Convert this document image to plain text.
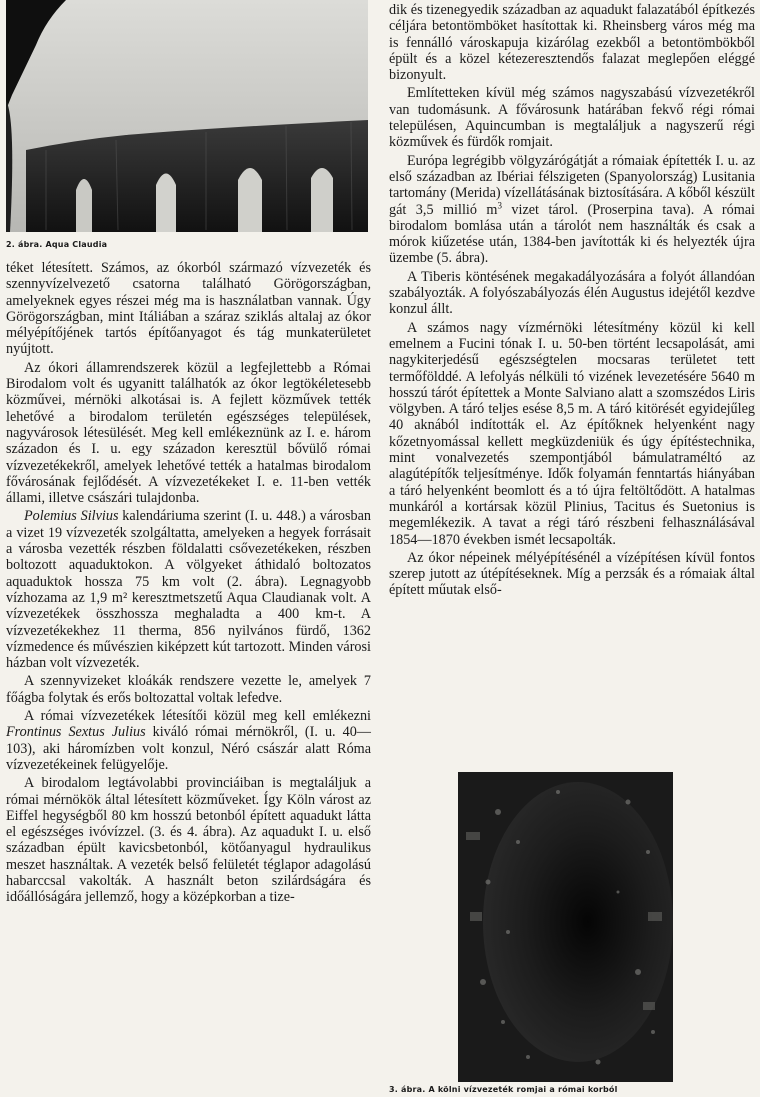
2. ábra. Aqua Claudia

téket létesített. Számos, az ókorból származó vízvezeték és szennyvízelvezető csatorna található Görögországban, amelyeknek egyes részei még ma is használatban vannak. Úgy Görögországban, mint Itáliában a száraz sziklás altalaj az ókor mélyépítőjének tartós építőanyagot és tág munkaterületet nyújtott.

Az ókori államrendszerek közül a legfejlettebb a Római Birodalom volt és ugyanitt találhatók az ókor legtökéletesebb közművei, mérnöki alkotásai is. A fejlett közművek tették lehetővé a birodalom területén egészséges települések, nagyvárosok létesülését. Meg kell emlékeznünk az I. e. három századon és I. u. egy századon keresztül bővülő római vízvezetékekről, amelyek lehetővé tették a hatalmas birodalom fővárosának fejlődését. A vízvezetékeket I. e. 11-ben vették állami, illetve császári tulajdonba.

Polemius Silvius kalendáriuma szerint (I. u. 448.) a városban a vizet 19 vízvezeték szolgáltatta, amelyeken a hegyek forrásait a városba vezették részben földalatti csővezetékeken, részben boltozott aquaduktokon. A völgyeket áthidaló boltozatos aquaduktok hossza 75 km volt (2. ábra). Legnagyobb vízhozama az 1,9 m² keresztmetszetű Aqua Claudianak volt. A vízvezetékek összhossza meghaladta a 400 km-t. A vízvezetékekhez 11 therma, 856 nyilvános fürdő, 1362 vízmedence és művészien kiképzett kút tartozott. Minden városi házban volt vízvezeték.

A szennyvizeket kloákák rendszere vezette le, amelyek 7 főágba folytak és erős boltozattal voltak lefedve.

A római vízvezetékek létesítői közül meg kell emlékezni Frontinus Sextus Julius kiváló római mérnökről, (I. u. 40—103), aki háromízben volt konzul, Néró császár alatt Róma vízvezetékeinek felügyelője.

A birodalom legtávolabbi provinciáiban is megtaláljuk a római mérnökök által létesített közműveket. Így Köln várost az Eiffel hegységből 80 km hosszú betonból épített aquadukt látta el egészséges ivóvízzel. (3. és 4. ábra). Az aquadukt I. u. első században épült kavicsbetonból, kötőanyagul hydraulikus meszet használtak. A vezeték belső felületét téglapor adagolású habarccsal vakolták. A használt beton szilárdságára és időállóságára jellemző, hogy a középkorban a tize-

dik és tizenegyedik században az aquadukt falazatából építkezés céljára betontömböket hasítottak ki. Rheinsberg város még ma is fennálló városkapuja kizárólag ezekből a betontömbökből épült és a közel kétezeresztendős falazat meglepően eléggé bizonyult.

Említetteken kívül még számos nagyszabású vízvezetékről van tudomásunk. A fővárosunk határában fekvő régi római településen, Aquincumban is megtaláljuk a nagyszerű régi közművek és fürdők romjait.

Európa legrégibb völgyzárógátját a rómaiak építették I. u. az első században az Ibériai félszigeten (Spanyolország) Lusitania tartomány (Merida) vízellátásának biztosítására. A kőből készült gát 3,5 millió $m^3$ vizet tárol. (Proserpina tava). A római birodalom bomlása után a tárolót nem használták és csak a mórok kiűzetése után, 1384-ben javították ki és helyezték újra üzembe (5. ábra).

A Tiberis köntésének megakadályozására a folyót állandóan szabályozták. A folyószabályozás élén Augustus idejétől kezdve konzul állt.

A számos nagy vízmérnöki létesítmény közül ki kell emelnem a Fucini tónak I. u. 50-ben történt lecsapolását, ami nagykiterjedésű egészségtelen mocsaras területet tett termőfölddé. A lefolyás nélküli tó vizének levezetésére 5640 m hosszú tárót építettek a Monte Salviano alatt a szomszédos Liris völgyben. A táró teljes esése 8,5 m. A táró kitörését egyidejűleg 40 aknából indították el. Az építőknek helyenként nagy kőzetnyomással kellett megküzdeniük és úgy építéstechnika, mint vonalvezetés szempontjából bámulatraméltó az alagútépítők teljesítménye. Idők folyamán fenntartás hiányában a táró helyenként beomlott és a tó újra feltöltődött. A hatalmas munkáról a kortársak közül Plinius, Tacitus és Suetonius is megemlékezik. A tavat a régi táró részbeni felhasználásával 1854—1870 években ismét lecsapolták.

Az ókor népeinek mélyépítésénél a vízépítésen kívül fontos szerep jutott az útépítéseknek. Míg a perzsák és a rómaiak által épített műutak első-

3. ábra. A kölni vízvezeték romjai a római korból
